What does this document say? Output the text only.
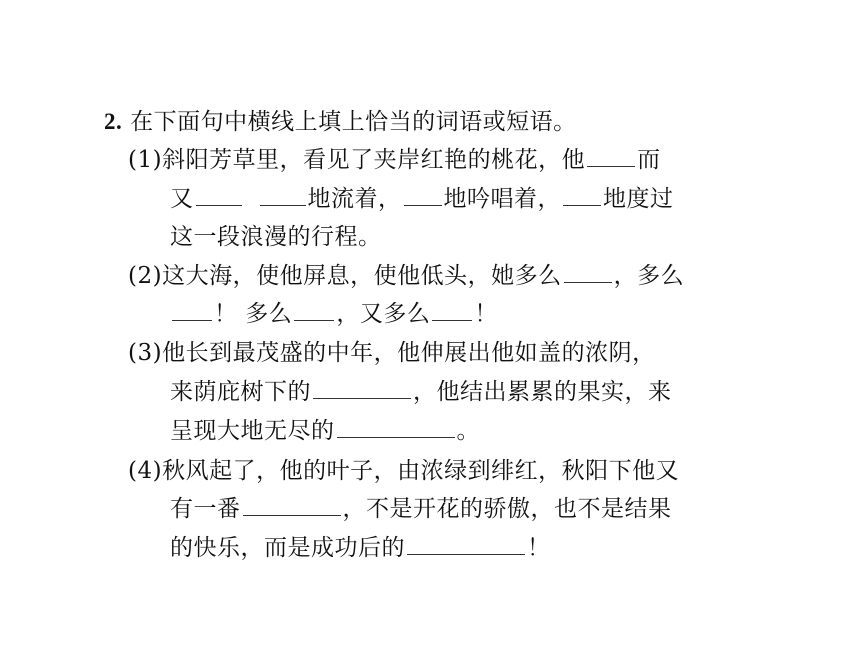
2. 在下面句中横线上填上恰当的词语或短语。
(1)斜阳芳草里，看见了夹岸红艳的桃花，他 而
又	地流着， 地吟唱着， 地度过
这一段浪漫的行程。
(2)这大海，使他屏息，使他低头，她多么 ，多么
！ 多么 ，又多么 ！
(3)他长到最茂盛的中年，他伸展出他如盖的浓阴，
来荫庇树下的	，他结出累累的果实，来
呈现大地无尽的	。
(4)秋风起了，他的叶子，由浓绿到绯红，秋阳下他又
有一番	，不是开花的骄傲，也不是结果
的快乐，而是成功后的	！
